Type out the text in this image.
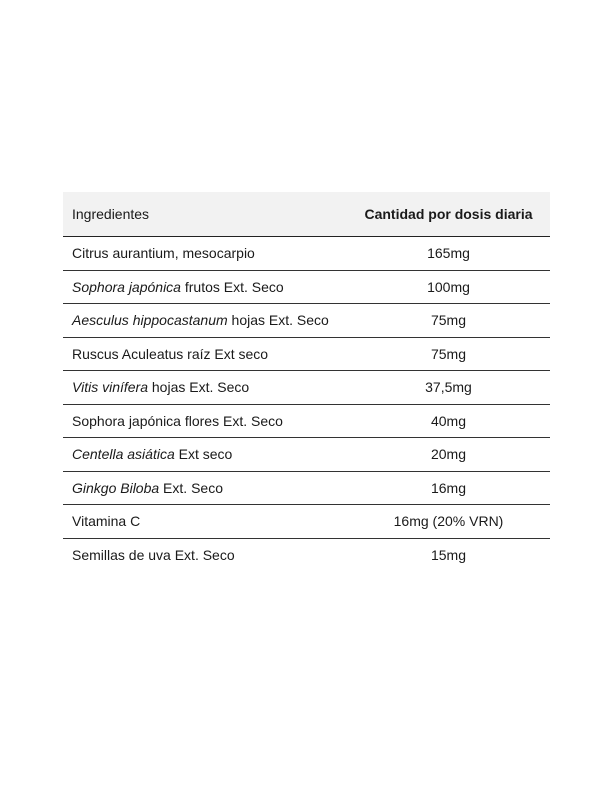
Ingredientes	Cantidad por dosis diaria
Citrus aurantium, mesocarpio	165mg
Sophora japónica frutos Ext. Seco	100mg
Aesculus hippocastanum hojas Ext. Seco	75mg
Ruscus Aculeatus raíz Ext seco	75mg
Vitis vinífera hojas Ext. Seco	37,5mg
Sophora japónica flores Ext. Seco	40mg
Centella asiática Ext seco	20mg
Ginkgo Biloba Ext. Seco	16mg
Vitamina C	16mg (20% VRN)
Semillas de uva Ext. Seco	15mg
